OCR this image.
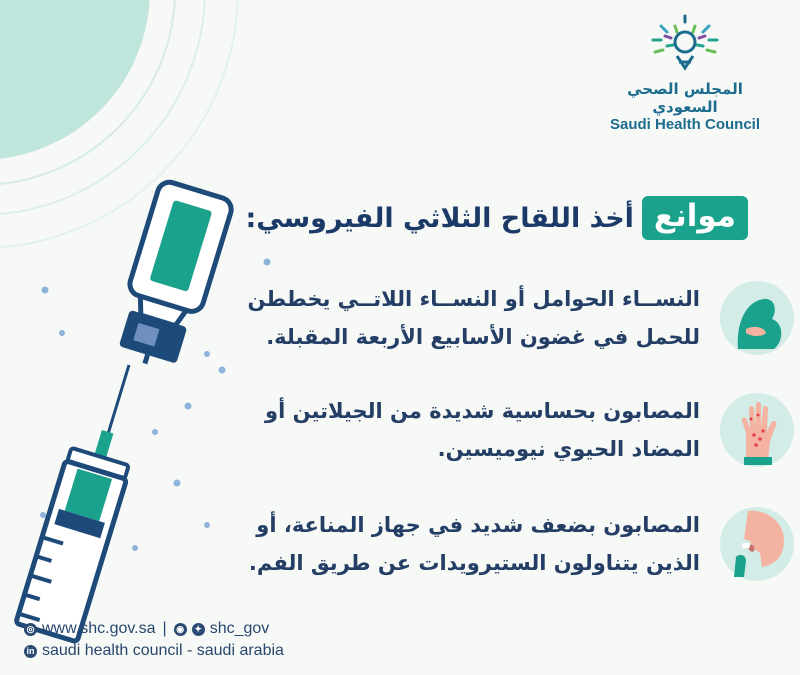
المجلس الصحي السعودي
Saudi Health Council
موانع
أخذ اللقاح الثلاثي الفيروسي:
النســاء الحوامل أو النســاء اللاتــي يخططن
للحمل في غضون الأسابيع الأربعة المقبلة.
المصابون بحساسية شديدة من الجيلاتين أو
المضاد الحيوي نيوميسين.
المصابون بضعف شديد في جهاز المناعة، أو
الذين يتناولون الستيرويدات عن طريق الفم.
◎ www.shc.gov.sa | ◉	✦ shc_gov
in saudi health council - saudi arabia
